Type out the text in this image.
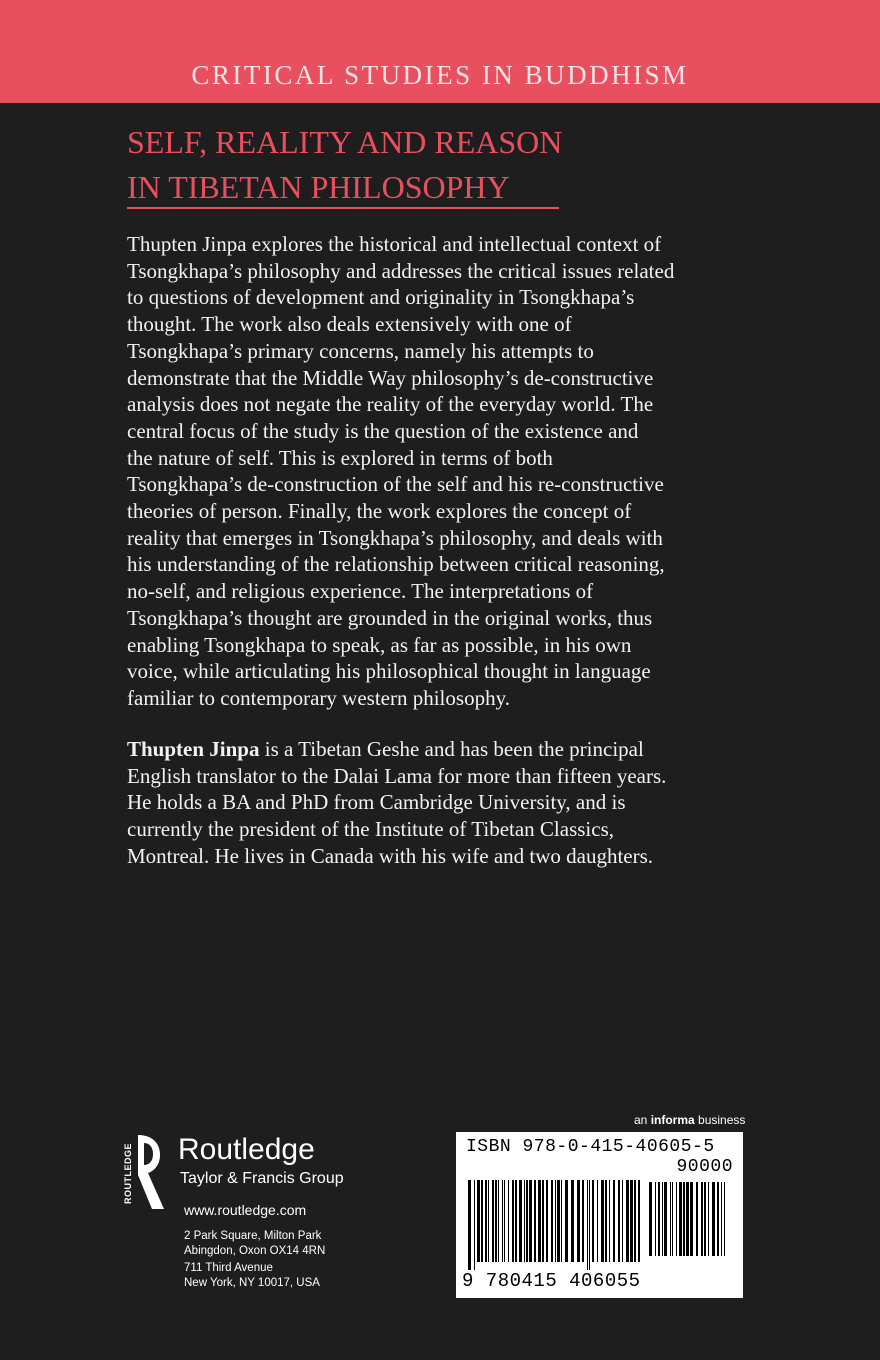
CRITICAL STUDIES IN BUDDHISM
SELF, REALITY AND REASON
IN TIBETAN PHILOSOPHY
Thupten Jinpa explores the historical and intellectual context of
Tsongkhapa’s philosophy and addresses the critical issues related
to questions of development and originality in Tsongkhapa’s
thought. The work also deals extensively with one of
Tsongkhapa’s primary concerns, namely his attempts to
demonstrate that the Middle Way philosophy’s de-constructive
analysis does not negate the reality of the everyday world. The
central focus of the study is the question of the existence and
the nature of self. This is explored in terms of both
Tsongkhapa’s de-construction of the self and his re-constructive
theories of person. Finally, the work explores the concept of
reality that emerges in Tsongkhapa’s philosophy, and deals with
his understanding of the relationship between critical reasoning,
no-self, and religious experience. The interpretations of
Tsongkhapa’s thought are grounded in the original works, thus
enabling Tsongkhapa to speak, as far as possible, in his own
voice, while articulating his philosophical thought in language
familiar to contemporary western philosophy.
Thupten Jinpa is a Tibetan Geshe and has been the principal
English translator to the Dalai Lama for more than fifteen years.
He holds a BA and PhD from Cambridge University, and is
currently the president of the Institute of Tibetan Classics,
Montreal. He lives in Canada with his wife and two daughters.
ROUTLEDGE Routledge
Taylor & Francis Group
www.routledge.com
2 Park Square, Milton Park
Abingdon, Oxon OX14 4RN
711 Third Avenue
New York, NY 10017, USA
an informa business
ISBN 978-0-415-40605-5
90000
9 780415 406055
